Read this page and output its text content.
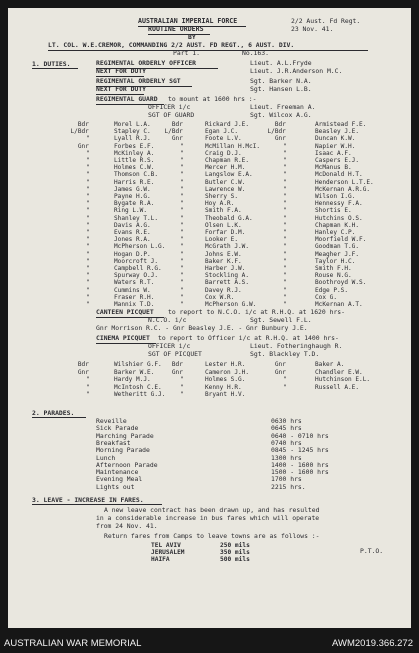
AUSTRALIAN IMPERIAL FORCE	2/2 Aust. Fd Regt.
ROUTINE ORDERS	23 Nov. 41.
BY
LT. COL. W.E.CREMOR, COMMANDING 2/2 AUST. FD REGT., 6 AUST. DIV.
Part 1.	No.163.
1. DUTIES.	REGIMENTAL ORDERLY OFFICER	Lieut. A.L.Fryde
NEXT FOR DUTY	Lieut. J.R.Anderson M.C.
REGIMENTAL ORDERLY SGT	Sgt. Barker N.A.
NEXT FOR DUTY	Sgt. Hansen L.B.
REGIMENTAL GUARD to mount at 1600 hrs :-
OFFICER i/c	Lieut. Freeman A.
SGT OF GUARD	Sgt. Wilcox A.G.
Bdr	Morel L.A.	Bdr	Rickard J.E.	Bdr	Armistead F.E.
L/Bdr	Stapley C. L/Bdr	Egan J.C.	L/Bdr	Beasley J.E.
"	Lyall R.J.	Gnr	Foote L.V.	Gnr	Duncan K.W.
Gnr	Forbes E.F.	"	McMillan H.McI.	"	Napier W.H.
"	McKinley A.	"	Craig D.J.	"	Isaac A.F.
"	Little R.S.	"	Chapman R.E.	"	Caspers E.J.
"	Holmes C.W.	"	Mercer H.M.	"	McManus B.
"	Thomson C.B.	"	Langslow E.A.	"	McDonald H.T.
"	Harris R.E.	"	Butler C.W.	"	Henderson L.T.E.
"	James G.W.	"	Lawrence W.	"	McKernan A.R.G.
"	Payne H.G.	"	Sherry S.	"	Wilson I.G.
"	Bygate R.A.	"	Hoy A.R.	"	Hennessy F.A.
"	Ring L.W.	"	Smith F.A.	"	Shortis E.
"	Shanley T.L.	"	Theobald G.A.	"	Hutchins O.S.
"	Davis A.G.	"	Olsen L.K.	"	Chapman K.H.
"	Evans R.E.	"	Forfar D.M.	"	Hanley C.P.
"	Jones R.A.	"	Looker E.	"	Moorfield W.F.
"	McPherson L.G. "	McGrath J.W.	"	Goodman T.G.
"	Hogan D.P.	"	Johns E.W.	"	Meagher J.F.
"	Moorcroft J.	"	Baker K.F.	"	Taylor H.C.
"	Campbell R.G.	"	Harber J.W.	"	Smith F.H.
"	Spurway O.J.	"	Stockling A.	"	Rouse N.G.
"	Waters R.T.	"	Barrett A.S.	"	Boothroyd W.S.
"	Cummins W.	"	Davey R.J.	"	Edge P.S.
"	Fraser R.H.	"	Cox W.R.	"	Cox G.
"	Mannix T.D.	"	McPherson G.W.	"	McKernan A.T.
CANTEEN PICQUET to report to N.C.O. i/c at R.H.Q. at 1620 hrs-
N.C.O. i/c	Sgt. Sewell F.L.
Gnr Morrison R.C. - Gnr Beasley J.E. - Gnr Bunbury J.E.
CINEMA PICQUET to report to Officer i/c at R.H.Q. at 1400 hrs-
OFFICER i/c	Lieut. Fotheringhaugh R.
SGT OF PICQUET	Sgt. Blackley T.D.
Bdr	Wilshier G.F. Bdr	Lester H.R.	Gnr	Baker A.
Gnr	Barker W.E.	Gnr	Cameron J.H.	Gnr	Chandler E.W.
"	Hardy M.J.	"	Holmes S.G.	"	Hutchinson E.L.
"	McIntosh C.E.	"	Kenny H.R.	"	Russell A.E.
"	Wetheritt G.J. "	Bryant H.V.
2. PARADES.
Reveille	0630 hrs
Sick Parade	0645 hrs
Marching Parade	0640 - 0710 hrs
Breakfast	0740 hrs
Morning Parade	0845 - 1245 hrs
Lunch	1300 hrs
Afternoon Parade	1400 - 1600 hrs
Maintenance	1500 - 1600 hrs
Evening Meal	1700 hrs
Lights out	2215 hrs.
3. LEAVE - INCREASE IN FARES.
A new leave contract has been drawn up, and has resulted
in a considerable increase in bus fares which will operate
from 24 Nov. 41.
Return fares from Camps to leave towns are as follows :-
TEL AVIV	250 mils
JERUSALEM	350 mils
HAIFA	500 mils
P.T.O.
AUSTRALIAN WAR MEMORIAL	AWM2019.366.272
